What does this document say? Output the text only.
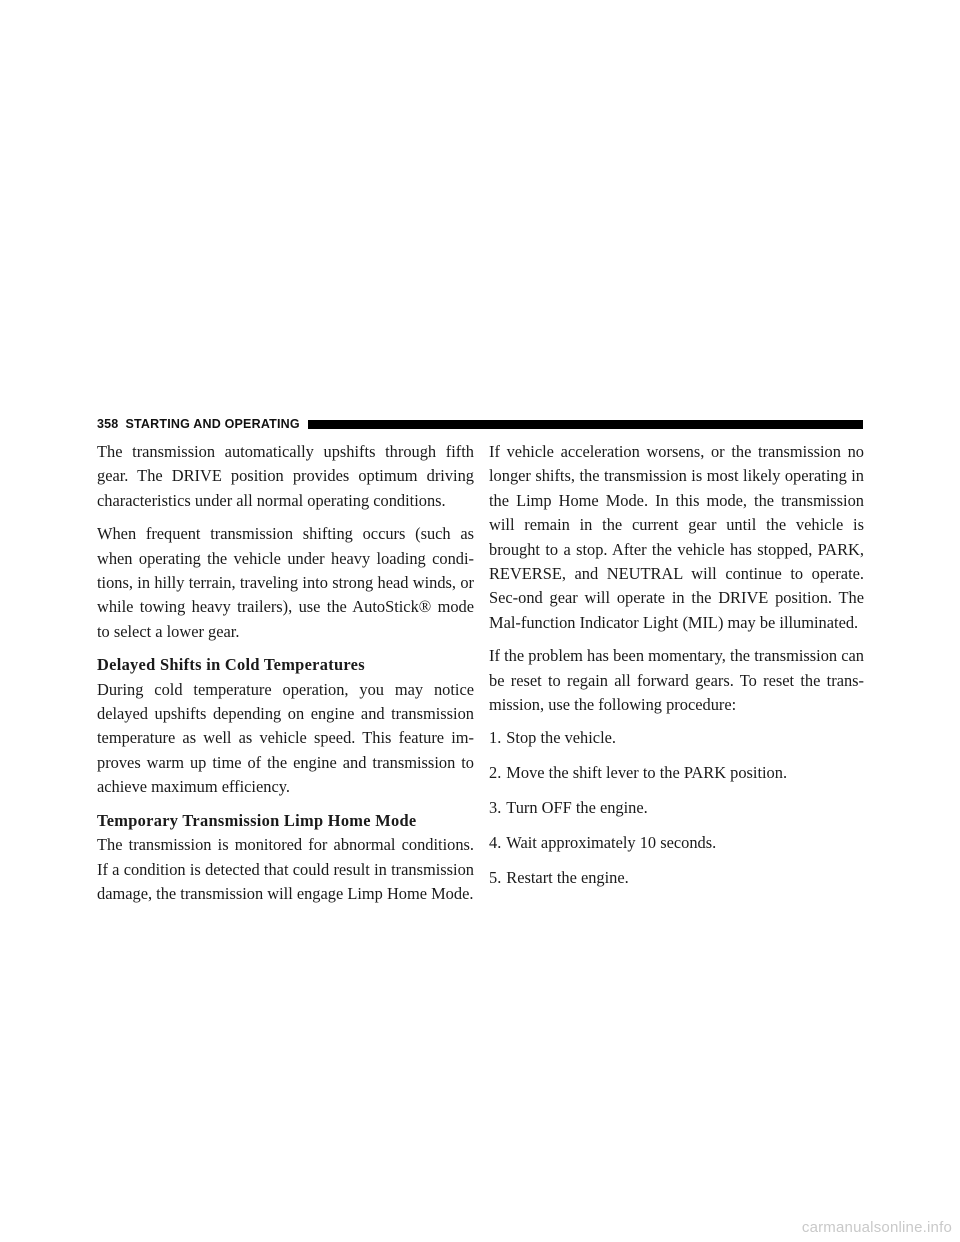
358 STARTING AND OPERATING

The transmission automatically upshifts through fifth gear. The DRIVE position provides optimum driving characteristics under all normal operating conditions.

When frequent transmission shifting occurs (such as when operating the vehicle under heavy loading condi-tions, in hilly terrain, traveling into strong head winds, or while towing heavy trailers), use the AutoStick® mode to select a lower gear.

Delayed Shifts in Cold Temperatures

During cold temperature operation, you may notice delayed upshifts depending on engine and transmission temperature as well as vehicle speed. This feature im-proves warm up time of the engine and transmission to achieve maximum efficiency.

Temporary Transmission Limp Home Mode

The transmission is monitored for abnormal conditions. If a condition is detected that could result in transmission damage, the transmission will engage Limp Home Mode.

If vehicle acceleration worsens, or the transmission no longer shifts, the transmission is most likely operating in the Limp Home Mode. In this mode, the transmission will remain in the current gear until the vehicle is brought to a stop. After the vehicle has stopped, PARK, REVERSE, and NEUTRAL will continue to operate. Sec-ond gear will operate in the DRIVE position. The Mal-function Indicator Light (MIL) may be illuminated.

If the problem has been momentary, the transmission can be reset to regain all forward gears. To reset the trans-mission, use the following procedure:

1. Stop the vehicle.
2. Move the shift lever to the PARK position.
3. Turn OFF the engine.
4. Wait approximately 10 seconds.
5. Restart the engine.
carmanualsonline.info
